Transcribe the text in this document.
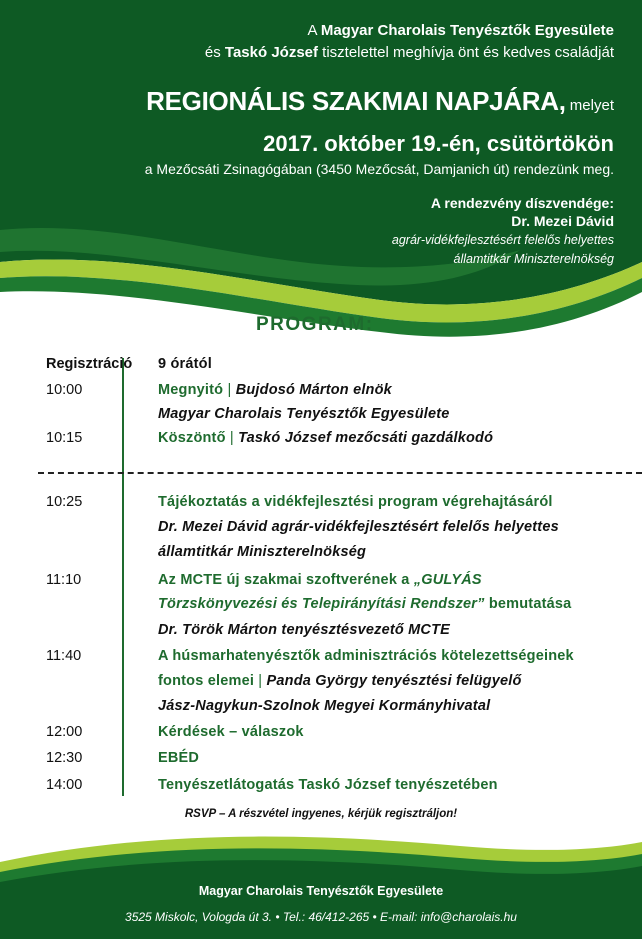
A Magyar Charolais Tenyésztők Egyesülete
és Taskó József tisztelettel meghívja önt és kedves családját
REGIONÁLIS SZAKMAI NAPJÁRA, melyet
2017. október 19.-én, csütörtökön
a Mezőcsáti Zsinagógában (3450 Mezőcsát, Damjanich út) rendezünk meg.
A rendezvény díszvendége:
Dr. Mezei Dávid
agrár-vidékfejlesztésért felelős helyettes
államtitkár Miniszterelnökség
PROGRAM:
Regisztráció 9 órától
10:00	Megnyitó | Bujdosó Márton elnök
Magyar Charolais Tenyésztők Egyesülete
10:15	Köszöntő | Taskó József mezőcsáti gazdálkodó
10:25	Tájékoztatás a vidékfejlesztési program végrehajtásáról
Dr. Mezei Dávid agrár-vidékfejlesztésért felelős helyettes
államtitkár Miniszterelnökség
11:10	Az MCTE új szakmai szoftverének a „GULYÁS
Törzskönyvezési és Telepirányítási Rendszer” bemutatása
Dr. Török Márton tenyésztésvezető MCTE
11:40	A húsmarhatenyésztők adminisztrációs kötelezettségeinek
fontos elemei | Panda György tenyésztési felügyelő
Jász-Nagykun-Szolnok Megyei Kormányhivatal
12:00	Kérdések – válaszok
12:30	EBÉD
14:00	Tenyészetlátogatás Taskó József tenyészetében
RSVP – A részvétel ingyenes, kérjük regisztráljon!
Magyar Charolais Tenyésztők Egyesülete
3525 Miskolc, Vologda út 3. • Tel.: 46/412-265 • E-mail: info@charolais.hu
